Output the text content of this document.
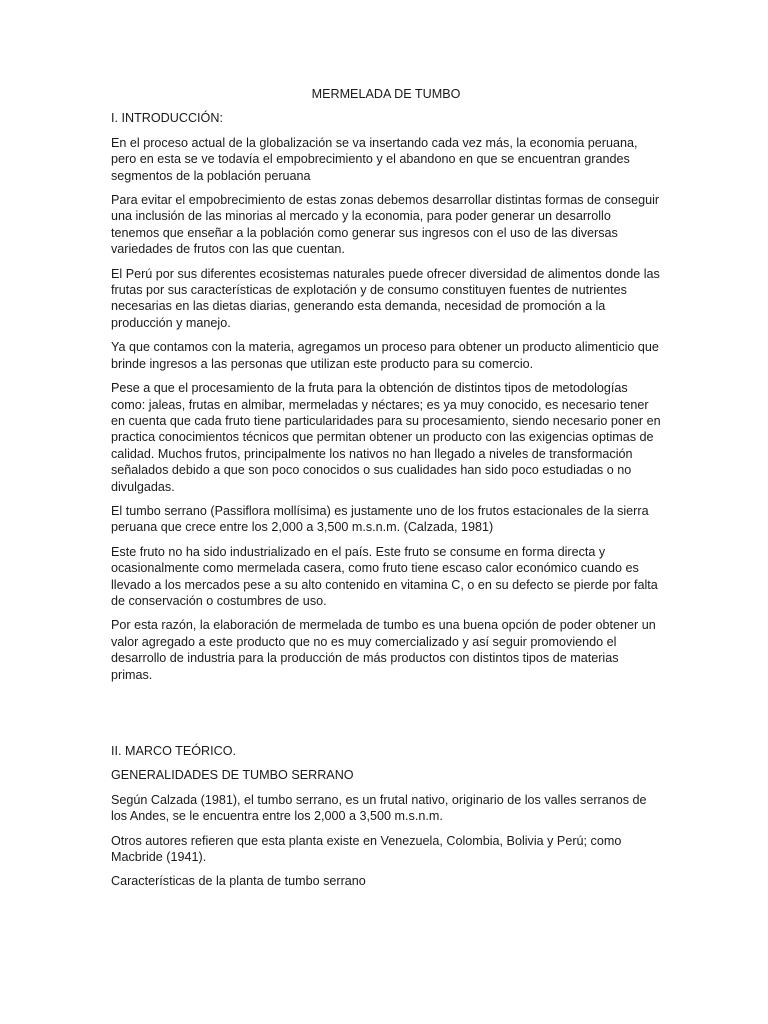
MERMELADA DE TUMBO
I. INTRODUCCIÓN:

En el proceso actual de la globalización se va insertando cada vez más, la economia peruana, pero en esta se ve todavía el empobrecimiento y el abandono en que se encuentran grandes segmentos de la población peruana

Para evitar el empobrecimiento de estas zonas debemos desarrollar distintas formas de conseguir una inclusión de las minorias al mercado y la economia, para poder generar un desarrollo tenemos que enseñar a la población como generar sus ingresos con el uso de las diversas variedades de frutos con las que cuentan.

El Perú por sus diferentes ecosistemas naturales puede ofrecer diversidad de alimentos donde las frutas por sus características de explotación y de consumo constituyen fuentes de nutrientes necesarias en las dietas diarias, generando esta demanda, necesidad de promoción a la producción y manejo.

Ya que contamos con la materia, agregamos un proceso para obtener un producto alimenticio que brinde ingresos a las personas que utilizan este producto para su comercio.

Pese a que el procesamiento de la fruta para la obtención de distintos tipos de metodologías como: jaleas, frutas en almibar, mermeladas y néctares; es ya muy conocido, es necesario tener en cuenta que cada fruto tiene particularidades para su procesamiento, siendo necesario poner en practica conocimientos técnicos que permitan obtener un producto con las exigencias optimas de calidad. Muchos frutos, principalmente los nativos no han llegado a niveles de transformación señalados debido a que son poco conocidos o sus cualidades han sido poco estudiadas o no divulgadas.

El tumbo serrano (Passiflora mollísima) es justamente uno de los frutos estacionales de la sierra peruana que crece entre los 2,000 a 3,500 m.s.n.m. (Calzada, 1981)

Este fruto no ha sido industrializado en el país. Este fruto se consume en forma directa y ocasionalmente como mermelada casera, como fruto tiene escaso calor económico cuando es llevado a los mercados pese a su alto contenido en vitamina C, o en su defecto se pierde por falta de conservación o costumbres de uso.

Por esta razón, la elaboración de mermelada de tumbo es una buena opción de poder obtener un valor agregado a este producto que no es muy comercializado y así seguir promoviendo el desarrollo de industria para la producción de más productos con distintos tipos de materias primas.

II. MARCO TEÓRICO.
GENERALIDADES DE TUMBO SERRANO

Según Calzada (1981), el tumbo serrano, es un frutal nativo, originario de los valles serranos de los Andes, se le encuentra entre los 2,000 a 3,500 m.s.n.m.

Otros autores refieren que esta planta existe en Venezuela, Colombia, Bolivia y Perú; como Macbride (1941).

Características de la planta de tumbo serrano
